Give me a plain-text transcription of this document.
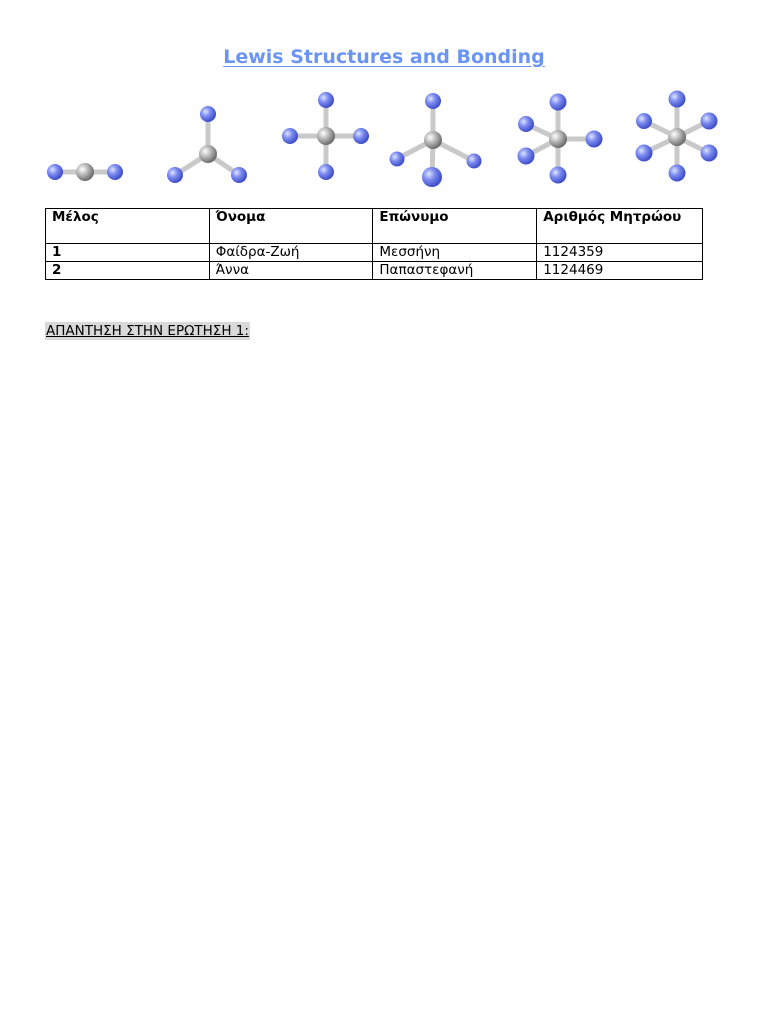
Lewis Structures and Bonding
Μέλος	Όνομα	Επώνυμο	Αριθμός Μητρώου
1	Φαίδρα-Ζωή	Μεσσήνη	1124359
2	Άννα	Παπαστεφανή	1124469
ΑΠΑΝΤΗΣΗ ΣΤΗΝ ΕΡΩΤΗΣΗ 1:
